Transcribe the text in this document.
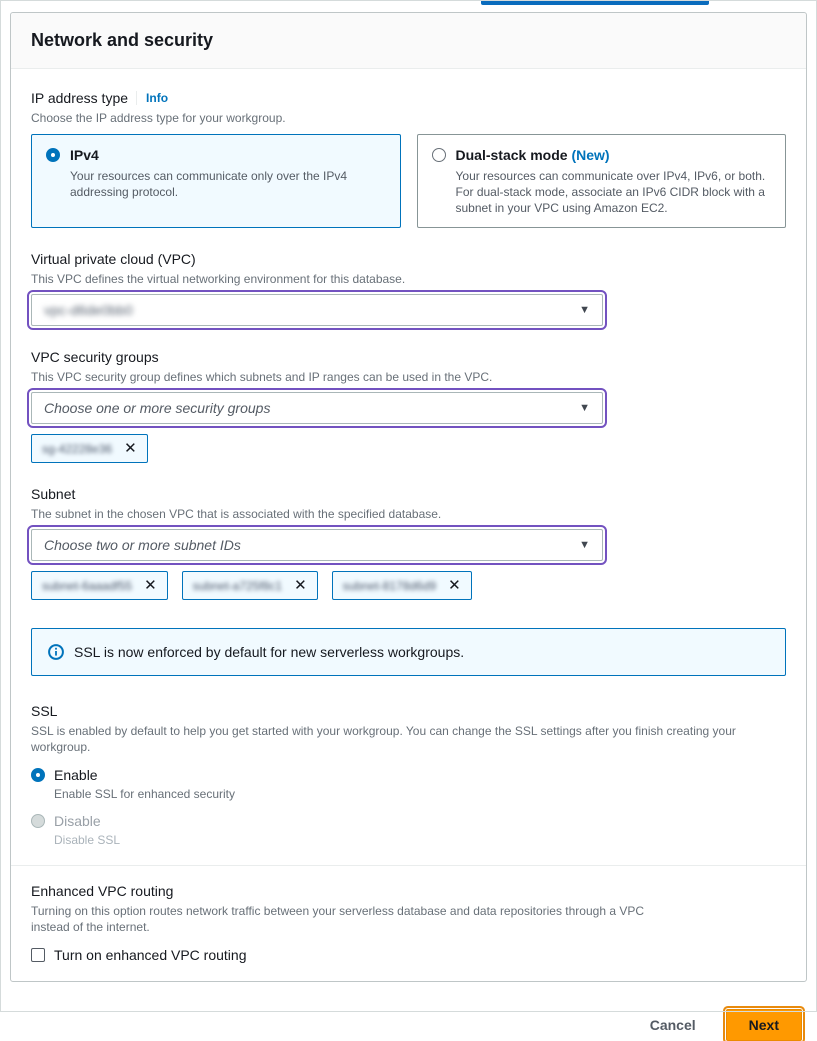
Network and security
IP address type	Info
Choose the IP address type for your workgroup.
IPv4
Your resources can communicate only over the IPv4 addressing protocol.
Dual-stack mode (New)
Your resources can communicate over IPv4, IPv6, or both. For dual-stack mode, associate an IPv6 CIDR block with a subnet in your VPC using Amazon EC2.
Virtual private cloud (VPC)
This VPC defines the virtual networking environment for this database.
vpc-d6de0bb0	▼
VPC security groups
This VPC security group defines which subnets and IP ranges can be used in the VPC.
Choose one or more security groups	▼
sg-42228e36 ✕
Subnet
The subnet in the chosen VPC that is associated with the specified database.
Choose two or more subnet IDs	▼
subnet-6aaadf55 ✕	subnet-a725f8c1 ✕	subnet-8178d6d9 ✕
SSL is now enforced by default for new serverless workgroups.
SSL
SSL is enabled by default to help you get started with your workgroup. You can change the SSL settings after you finish creating your workgroup.
Enable
Enable SSL for enhanced security
Disable
Disable SSL
Enhanced VPC routing
Turning on this option routes network traffic between your serverless database and data repositories through a VPC instead of the internet.
Turn on enhanced VPC routing
Cancel	Next
